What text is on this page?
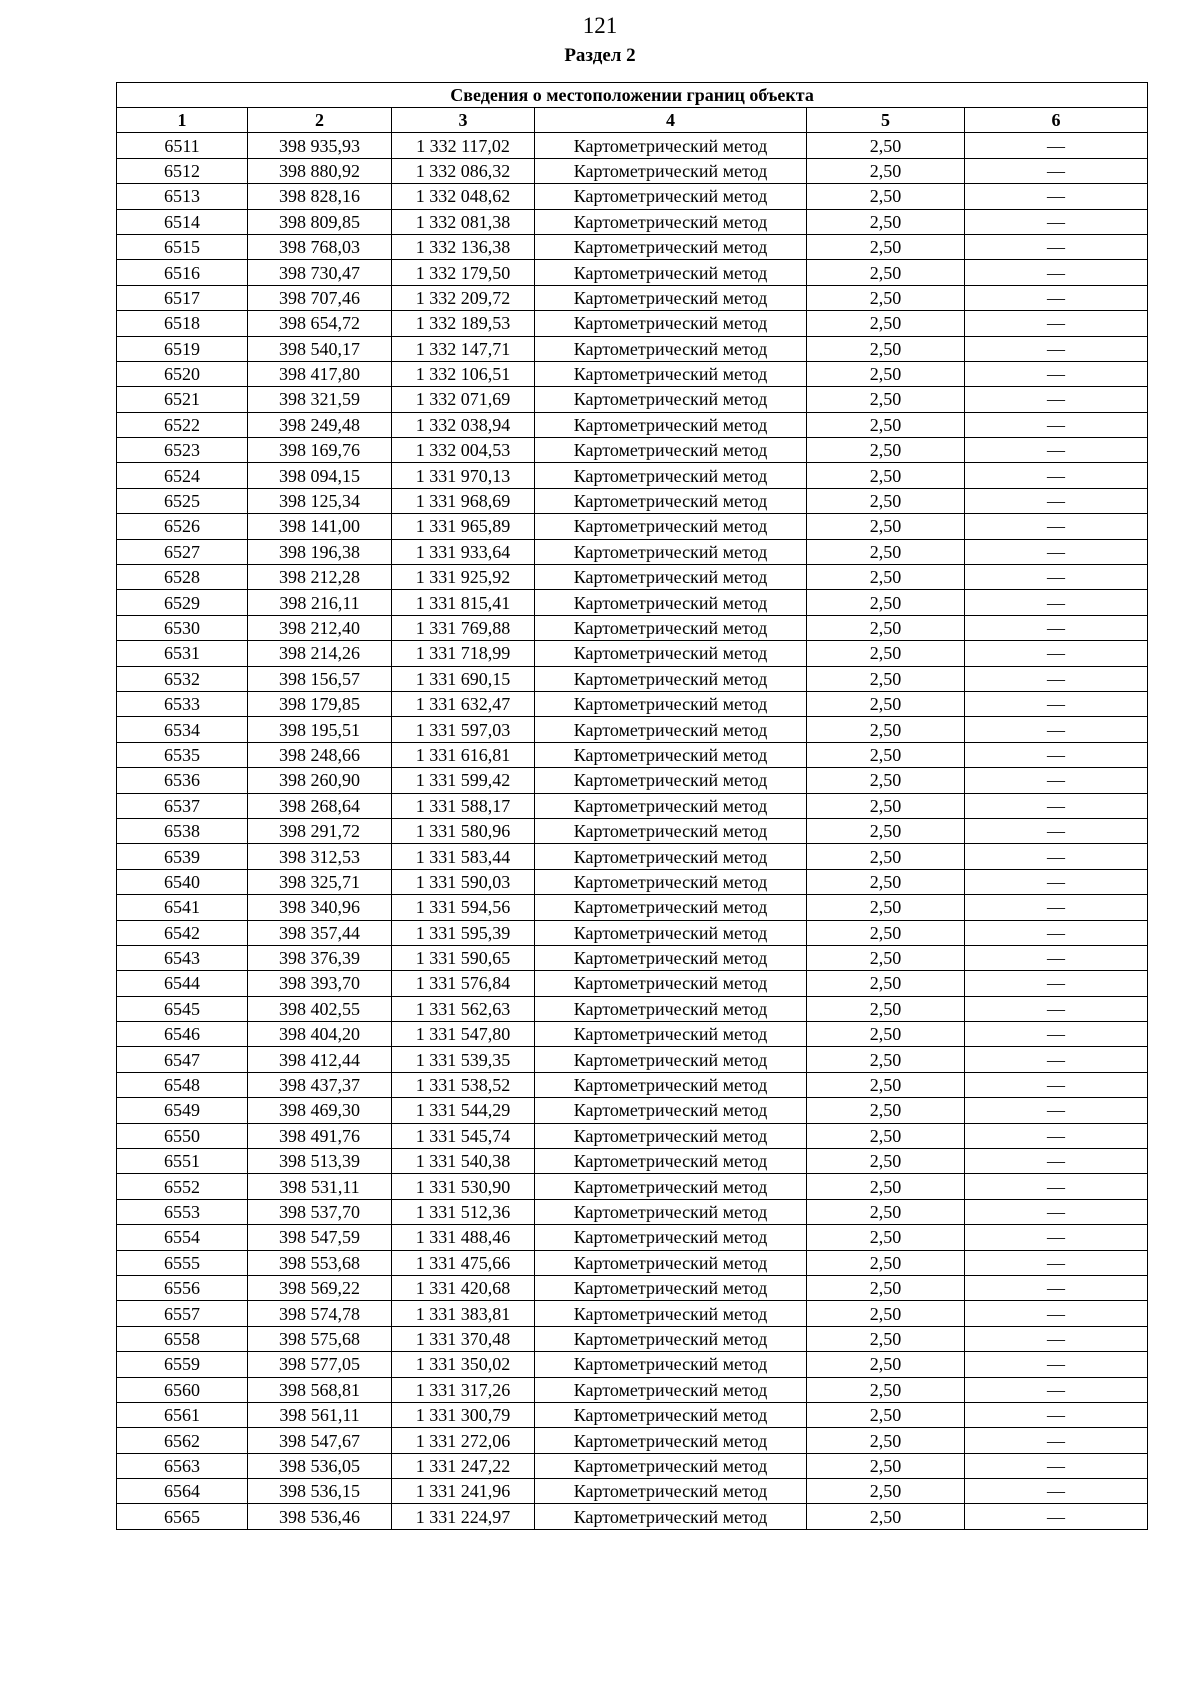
121
Раздел 2
Сведения о местоположении границ объекта					
1	2	3	4	5	6
6511	398 935,93	1 332 117,02	Картометрический метод	2,50	—
6512	398 880,92	1 332 086,32	Картометрический метод	2,50	—
6513	398 828,16	1 332 048,62	Картометрический метод	2,50	—
6514	398 809,85	1 332 081,38	Картометрический метод	2,50	—
6515	398 768,03	1 332 136,38	Картометрический метод	2,50	—
6516	398 730,47	1 332 179,50	Картометрический метод	2,50	—
6517	398 707,46	1 332 209,72	Картометрический метод	2,50	—
6518	398 654,72	1 332 189,53	Картометрический метод	2,50	—
6519	398 540,17	1 332 147,71	Картометрический метод	2,50	—
6520	398 417,80	1 332 106,51	Картометрический метод	2,50	—
6521	398 321,59	1 332 071,69	Картометрический метод	2,50	—
6522	398 249,48	1 332 038,94	Картометрический метод	2,50	—
6523	398 169,76	1 332 004,53	Картометрический метод	2,50	—
6524	398 094,15	1 331 970,13	Картометрический метод	2,50	—
6525	398 125,34	1 331 968,69	Картометрический метод	2,50	—
6526	398 141,00	1 331 965,89	Картометрический метод	2,50	—
6527	398 196,38	1 331 933,64	Картометрический метод	2,50	—
6528	398 212,28	1 331 925,92	Картометрический метод	2,50	—
6529	398 216,11	1 331 815,41	Картометрический метод	2,50	—
6530	398 212,40	1 331 769,88	Картометрический метод	2,50	—
6531	398 214,26	1 331 718,99	Картометрический метод	2,50	—
6532	398 156,57	1 331 690,15	Картометрический метод	2,50	—
6533	398 179,85	1 331 632,47	Картометрический метод	2,50	—
6534	398 195,51	1 331 597,03	Картометрический метод	2,50	—
6535	398 248,66	1 331 616,81	Картометрический метод	2,50	—
6536	398 260,90	1 331 599,42	Картометрический метод	2,50	—
6537	398 268,64	1 331 588,17	Картометрический метод	2,50	—
6538	398 291,72	1 331 580,96	Картометрический метод	2,50	—
6539	398 312,53	1 331 583,44	Картометрический метод	2,50	—
6540	398 325,71	1 331 590,03	Картометрический метод	2,50	—
6541	398 340,96	1 331 594,56	Картометрический метод	2,50	—
6542	398 357,44	1 331 595,39	Картометрический метод	2,50	—
6543	398 376,39	1 331 590,65	Картометрический метод	2,50	—
6544	398 393,70	1 331 576,84	Картометрический метод	2,50	—
6545	398 402,55	1 331 562,63	Картометрический метод	2,50	—
6546	398 404,20	1 331 547,80	Картометрический метод	2,50	—
6547	398 412,44	1 331 539,35	Картометрический метод	2,50	—
6548	398 437,37	1 331 538,52	Картометрический метод	2,50	—
6549	398 469,30	1 331 544,29	Картометрический метод	2,50	—
6550	398 491,76	1 331 545,74	Картометрический метод	2,50	—
6551	398 513,39	1 331 540,38	Картометрический метод	2,50	—
6552	398 531,11	1 331 530,90	Картометрический метод	2,50	—
6553	398 537,70	1 331 512,36	Картометрический метод	2,50	—
6554	398 547,59	1 331 488,46	Картометрический метод	2,50	—
6555	398 553,68	1 331 475,66	Картометрический метод	2,50	—
6556	398 569,22	1 331 420,68	Картометрический метод	2,50	—
6557	398 574,78	1 331 383,81	Картометрический метод	2,50	—
6558	398 575,68	1 331 370,48	Картометрический метод	2,50	—
6559	398 577,05	1 331 350,02	Картометрический метод	2,50	—
6560	398 568,81	1 331 317,26	Картометрический метод	2,50	—
6561	398 561,11	1 331 300,79	Картометрический метод	2,50	—
6562	398 547,67	1 331 272,06	Картометрический метод	2,50	—
6563	398 536,05	1 331 247,22	Картометрический метод	2,50	—
6564	398 536,15	1 331 241,96	Картометрический метод	2,50	—
6565	398 536,46	1 331 224,97	Картометрический метод	2,50	—
